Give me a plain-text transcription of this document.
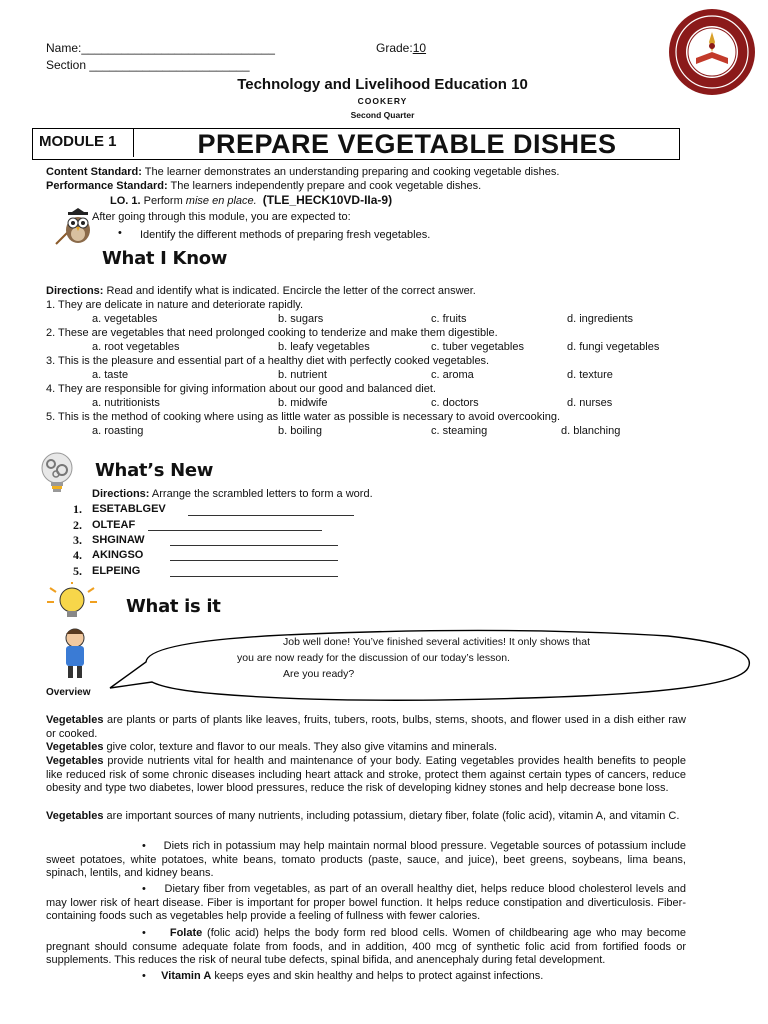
Name:_____________________________	Grade:10
Section ________________________
Technology and Livelihood Education 10
COOKERY
Second Quarter
MODULE 1	PREPARE VEGETABLE DISHES
Content Standard: The learner demonstrates an understanding preparing and cooking vegetable dishes.
Performance Standard: The learners independently prepare and cook vegetable dishes.
LO. 1. Perform mise en place. (TLE_HECK10VD-IIa-9)
After going through this module, you are expected to:
• Identify the different methods of preparing fresh vegetables.
What I Know
Directions: Read and identify what is indicated. Encircle the letter of the correct answer.
1. They are delicate in nature and deteriorate rapidly.
a. vegetables	b. sugars	c. fruits	d. ingredients
2. These are vegetables that need prolonged cooking to tenderize and make them digestible.
a. root vegetables	b. leafy vegetables	c. tuber vegetables	d. fungi vegetables
3. This is the pleasure and essential part of a healthy diet with perfectly cooked vegetables.
a. taste	b. nutrient	c. aroma	d. texture
4. They are responsible for giving information about our good and balanced diet.
a. nutritionists	b. midwife	c. doctors	d. nurses
5. This is the method of cooking where using as little water as possible is necessary to avoid overcooking.
a. roasting	b. boiling	c. steaming	d. blanching
What’s New
Directions: Arrange the scrambled letters to form a word.
1. ESETABLGEV
2. OLTEAF
3. SHGINAW
4. AKINGSO
5. ELPEING
What is it
Job well done! You’ve finished several activities! It only shows that
you are now ready for the discussion of our today’s lesson.
Are you ready?
Overview
Vegetables are plants or parts of plants like leaves, fruits, tubers, roots, bulbs, stems, shoots, and flower used in a dish either raw or cooked.
Vegetables give color, texture and flavor to our meals. They also give vitamins and minerals.
Vegetables provide nutrients vital for health and maintenance of your body. Eating vegetables provides health benefits to people like reduced risk of some chronic diseases including heart attack and stroke, protect them against certain types of cancers, reduce obesity and type two diabetes, lower blood pressures, reduce the risk of developing kidney stones and help decrease bone loss.
Vegetables are important sources of many nutrients, including potassium, dietary fiber, folate (folic acid), vitamin A, and vitamin C.
•     Diets rich in potassium may help maintain normal blood pressure. Vegetable sources of potassium include sweet potatoes, white potatoes, white beans, tomato products (paste, sauce, and juice), beet greens, soybeans, lima beans, spinach, lentils, and kidney beans.
•     Dietary fiber from vegetables, as part of an overall healthy diet, helps reduce blood cholesterol levels and may lower risk of heart disease. Fiber is important for proper bowel function. It helps reduce constipation and diverticulosis. Fiber-containing foods such as vegetables help provide a feeling of fullness with fewer calories.
•     Folate (folic acid) helps the body form red blood cells. Women of childbearing age who may become pregnant should consume adequate folate from foods, and in addition, 400 mcg of synthetic folic acid from fortified foods or supplements. This reduces the risk of neural tube defects, spinal bifida, and anencephaly during fetal development.
•     Vitamin A keeps eyes and skin healthy and helps to protect against infections.
